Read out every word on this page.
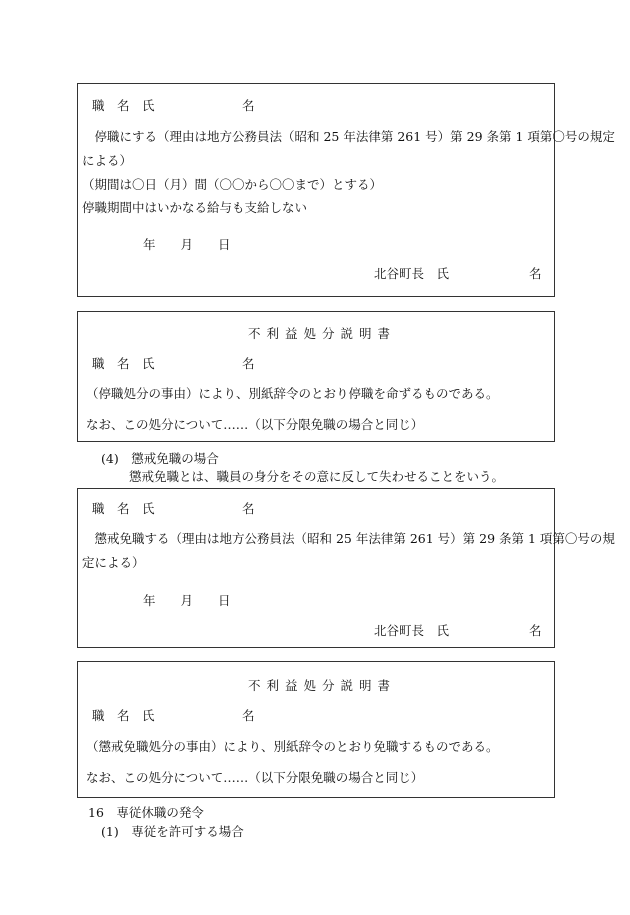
職　名　氏　　　　　　　名
　停職にする（理由は地方公務員法（昭和 25 年法律第 261 号）第 29 条第 1 項第〇号の規定
による）
（期間は〇日（月）間（〇〇から〇〇まで）とする）
停職期間中はいかなる給与も支給しない
年　　月　　日
北谷町長　氏	名
不利益処分説明書
職　名　氏　　　　　　　名
（停職処分の事由）により、別紙辞令のとおり停職を命ずるものである。
なお、この処分について……（以下分限免職の場合と同じ）
(4)　懲戒免職の場合
懲戒免職とは、職員の身分をその意に反して失わせることをいう。
職　名　氏　　　　　　　名
　懲戒免職する（理由は地方公務員法（昭和 25 年法律第 261 号）第 29 条第 1 項第〇号の規
定による）
年　　月　　日
北谷町長　氏	名
不利益処分説明書
職　名　氏　　　　　　　名
（懲戒免職処分の事由）により、別紙辞令のとおり免職するものである。
なお、この処分について……（以下分限免職の場合と同じ）
16　専従休職の発令
(1)　専従を許可する場合
